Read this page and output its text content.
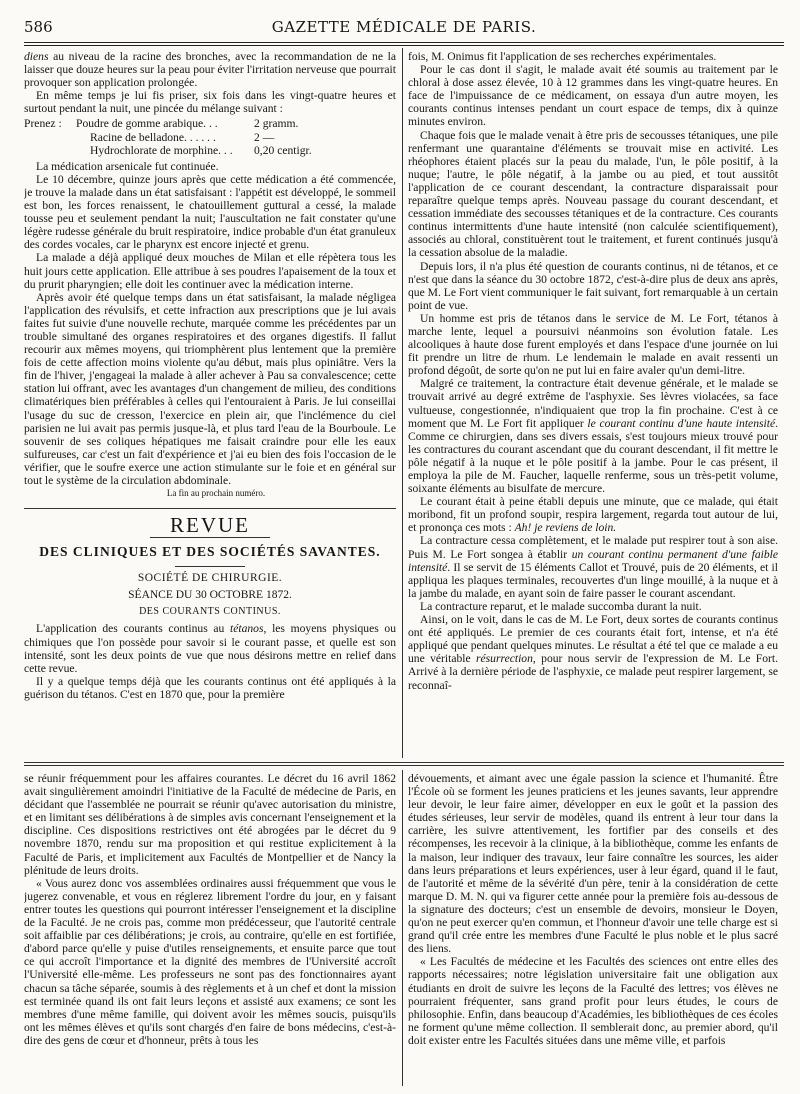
586	GAZETTE MÉDICALE DE PARIS.

diens au niveau de la racine des bronches, avec la recommandation de ne la laisser que douze heures sur la peau pour éviter l'irritation nerveuse que pourrait provoquer son application prolongée.

En même temps je lui fis priser, six fois dans les vingt-quatre heures et surtout pendant la nuit, une pincée du mélange suivant :

Prenez :	Poudre de gomme arabique. . .	2 gramm.
Racine de belladone. . . . . .	2 —
Hydrochlorate de morphine. . .	0,20 centigr.

La médication arsenicale fut continuée.

Le 10 décembre, quinze jours après que cette médication a été commencée, je trouve la malade dans un état satisfaisant : l'appétit est développé, le sommeil est bon, les forces renaissent, le chatouillement guttural a cessé, la malade tousse peu et seulement pendant la nuit; l'auscultation ne fait constater qu'une légère rudesse générale du bruit respiratoire, indice probable d'un état granuleux des cordes vocales, car le pharynx est encore injecté et grenu.

La malade a déjà appliqué deux mouches de Milan et elle répètera tous les huit jours cette application. Elle attribue à ses poudres l'apaisement de la toux et du prurit pharyngien; elle doit les continuer avec la médication interne.

Après avoir été quelque temps dans un état satisfaisant, la malade négligea l'application des révulsifs, et cette infraction aux prescriptions que je lui avais faites fut suivie d'une nouvelle rechute, marquée comme les précédentes par un trouble simultané des organes respiratoires et des organes digestifs. Il fallut recourir aux mêmes moyens, qui triomphèrent plus lentement que la première fois de cette affection moins violente qu'au début, mais plus opiniâtre. Vers la fin de l'hiver, j'engageai la malade à aller achever à Pau sa convalescence; cette station lui offrant, avec les avantages d'un changement de milieu, des conditions climatériques bien préférables à celles qui l'entouraient à Paris. Je lui conseillai l'usage du suc de cresson, l'exercice en plein air, que l'inclémence du ciel parisien ne lui avait pas permis jusque-là, et plus tard l'eau de la Bourboule. Le souvenir de ses coliques hépatiques me faisait craindre pour elle les eaux sulfureuses, car c'est un fait d'expérience et j'ai eu bien des fois l'occasion de le vérifier, que le soufre exerce une action stimulante sur le foie et en général sur tout le système de la circulation abdominale.

La fin au prochain numéro.

REVUE
DES CLINIQUES ET DES SOCIÉTÉS SAVANTES.
SOCIÉTÉ DE CHIRURGIE.
SÉANCE DU 30 OCTOBRE 1872.
DES COURANTS CONTINUS.

L'application des courants continus au tétanos, les moyens physiques ou chimiques que l'on possède pour savoir si le courant passe, et quelle est son intensité, sont les deux points de vue que nous désirons mettre en relief dans cette revue.

Il y a quelque temps déjà que les courants continus ont été appliqués à la guérison du tétanos. C'est en 1870 que, pour la première

fois, M. Onimus fit l'application de ses recherches expérimentales.

Pour le cas dont il s'agit, le malade avait été soumis au traitement par le chloral à dose assez élevée, 10 à 12 grammes dans les vingt-quatre heures. En face de l'impuissance de ce médicament, on essaya d'un autre moyen, les courants continus intenses pendant un court espace de temps, dix à quinze minutes environ.

Chaque fois que le malade venait à être pris de secousses tétaniques, une pile renfermant une quarantaine d'éléments se trouvait mise en activité. Les rhéophores étaient placés sur la peau du malade, l'un, le pôle positif, à la nuque; l'autre, le pôle négatif, à la jambe ou au pied, et tout aussitôt l'application de ce courant descendant, la contracture disparaissait pour reparaître quelque temps après. Nouveau passage du courant descendant, et cessation immédiate des secousses tétaniques et de la contracture. Ces courants continus intermittents d'une haute intensité (non calculée scientifiquement), associés au chloral, constituèrent tout le traitement, et furent continués jusqu'à la cessation absolue de la maladie.

Depuis lors, il n'a plus été question de courants continus, ni de tétanos, et ce n'est que dans la séance du 30 octobre 1872, c'est-à-dire plus de deux ans après, que M. Le Fort vient communiquer le fait suivant, fort remarquable à un certain point de vue.

Un homme est pris de tétanos dans le service de M. Le Fort, tétanos à marche lente, lequel a poursuivi néanmoins son évolution fatale. Les alcooliques à haute dose furent employés et dans l'espace d'une journée on lui fit prendre un litre de rhum. Le lendemain le malade en avait ressenti un profond dégoût, de sorte qu'on ne put lui en faire avaler qu'un demi-litre.

Malgré ce traitement, la contracture était devenue générale, et le malade se trouvait arrivé au degré extrême de l'asphyxie. Ses lèvres violacées, sa face vultueuse, congestionnée, n'indiquaient que trop la fin prochaine. C'est à ce moment que M. Le Fort fit appliquer le courant continu d'une haute intensité. Comme ce chirurgien, dans ses divers essais, s'est toujours mieux trouvé pour les contractures du courant ascendant que du courant descendant, il fit mettre le pôle négatif à la nuque et le pôle positif à la jambe. Pour le cas présent, il employa la pile de M. Faucher, laquelle renferme, sous un très-petit volume, soixante éléments au bisulfate de mercure.

Le courant était à peine établi depuis une minute, que ce malade, qui était moribond, fit un profond soupir, respira largement, regarda tout autour de lui, et prononça ces mots : Ah! je reviens de loin.

La contracture cessa complètement, et le malade put respirer tout à son aise. Puis M. Le Fort songea à établir un courant continu permanent d'une faible intensité. Il se servit de 15 éléments Callot et Trouvé, puis de 20 éléments, et il appliqua les plaques terminales, recouvertes d'un linge mouillé, à la nuque et à la jambe du malade, en ayant soin de faire passer le courant ascendant.

La contracture reparut, et le malade succomba durant la nuit.

Ainsi, on le voit, dans le cas de M. Le Fort, deux sortes de courants continus ont été appliqués. Le premier de ces courants était fort, intense, et n'a été appliqué que pendant quelques minutes. Le résultat a été tel que ce malade a eu une véritable résurrection, pour nous servir de l'expression de M. Le Fort. Arrivé à la dernière période de l'asphyxie, ce malade peut respirer largement, se reconnaî-

se réunir fréquemment pour les affaires courantes. Le décret du 16 avril 1862 avait singulièrement amoindri l'initiative de la Faculté de médecine de Paris, en décidant que l'assemblée ne pourrait se réunir qu'avec autorisation du ministre, et en limitant ses délibérations à de simples avis concernant l'enseignement et la discipline. Ces dispositions restrictives ont été abrogées par le décret du 9 novembre 1870, rendu sur ma proposition et qui restitue explicitement à la Faculté de Paris, et implicitement aux Facultés de Montpellier et de Nancy la plénitude de leurs droits.

« Vous aurez donc vos assemblées ordinaires aussi fréquemment que vous le jugerez convenable, et vous en réglerez librement l'ordre du jour, en y faisant entrer toutes les questions qui pourront intéresser l'enseignement et la discipline de la Faculté. Je ne crois pas, comme mon prédécesseur, que l'autorité centrale soit affaiblie par ces délibérations; je crois, au contraire, qu'elle en est fortifiée, d'abord parce qu'elle y puise d'utiles renseignements, et ensuite parce que tout ce qui accroît l'importance et la dignité des membres de l'Université accroît l'Université elle-même. Les professeurs ne sont pas des fonctionnaires ayant chacun sa tâche séparée, soumis à des règlements et à un chef et dont la mission est terminée quand ils ont fait leurs leçons et assisté aux examens; ce sont les membres d'une même famille, qui doivent avoir les mêmes soucis, puisqu'ils ont les mêmes élèves et qu'ils sont chargés d'en faire de bons médecins, c'est-à-dire des gens de cœur et d'honneur, prêts à tous les

dévouements, et aimant avec une égale passion la science et l'humanité. Être l'École où se forment les jeunes praticiens et les jeunes savants, leur apprendre leur devoir, le leur faire aimer, développer en eux le goût et la passion des études sérieuses, leur servir de modèles, quand ils entrent à leur tour dans la carrière, les suivre attentivement, les fortifier par des conseils et des récompenses, les recevoir à la clinique, à la bibliothèque, comme les enfants de la maison, leur indiquer des travaux, leur faire connaître les sources, les aider dans leurs préparations et leurs expériences, user à leur égard, quand il le faut, de l'autorité et même de la sévérité d'un père, tenir à la considération de cette marque D. M. N. qui va figurer cette année pour la première fois au-dessous de la signature des docteurs; c'est un ensemble de devoirs, monsieur le Doyen, qu'on ne peut exercer qu'en commun, et l'honneur d'avoir une telle charge est si grand qu'il crée entre les membres d'une Faculté le plus noble et le plus sacré des liens.

« Les Facultés de médecine et les Facultés des sciences ont entre elles des rapports nécessaires; notre législation universitaire fait une obligation aux étudiants en droit de suivre les leçons de la Faculté des lettres; vos élèves ne pourraient fréquenter, sans grand profit pour leurs études, le cours de philosophie. Enfin, dans beaucoup d'Académies, les bibliothèques de ces écoles ne forment qu'une même collection. Il semblerait donc, au premier abord, qu'il doit exister entre les Facultés situées dans une même ville, et parfois
